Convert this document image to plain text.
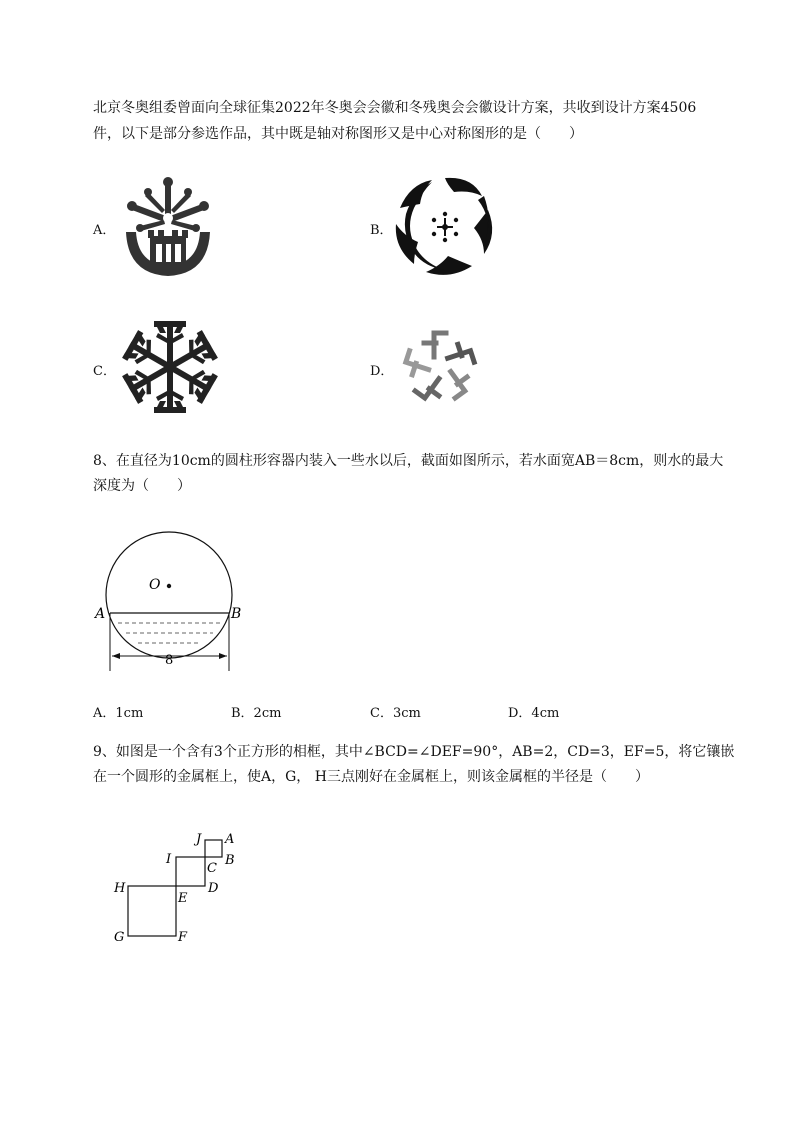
北京冬奥组委曾面向全球征集2022年冬奥会会徽和冬残奥会会徽设计方案，共收到设计方案4506
件，以下是部分参选作品，其中既是轴对称图形又是中心对称图形的是（　　）
A．	B．
C．	D．
8、在直径为10cm的圆柱形容器内装入一些水以后，截面如图所示，若水面宽AB＝8cm，则水的最大
深度为（　　）
O
A	B
8
A．1cm	B．2cm	C．3cm	D．4cm
9、如图是一个含有3个正方形的相框，其中∠BCD=∠DEF=90°，AB=2，CD=3，EF=5，将它镶嵌
在一个圆形的金属框上，使A，G， H三点刚好在金属框上，则该金属框的半径是（　　）
J A
B
C
I
D
H
E
G	F
